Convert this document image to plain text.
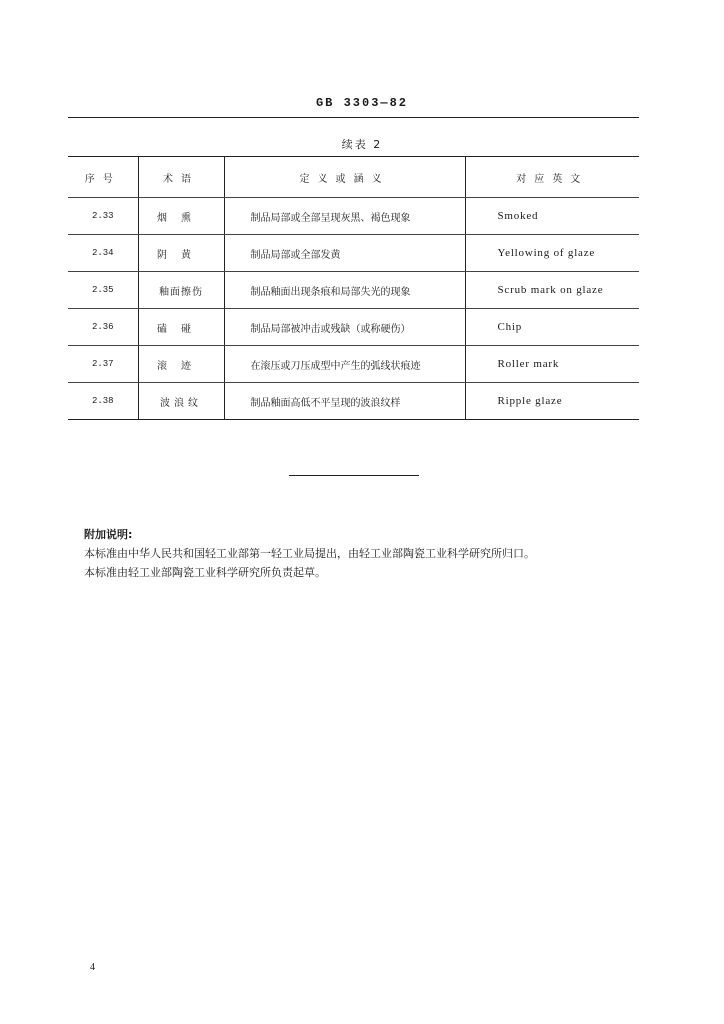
GB 3303—82
续表 2
序号	术语	定义或涵义	对应英文
2.33	烟熏	制品局部或全部呈现灰黑、褐色现象	Smoked
2.34	阴黄	制品局部或全部发黄	Yellowing of glaze
2.35	釉面擦伤	制品釉面出现条痕和局部失光的现象	Scrub mark on glaze
2.36	磕碰	制品局部被冲击或残缺（或称硬伤）	Chip
2.37	滚迹	在滚压或刀压成型中产生的弧线状痕迹	Roller mark
2.38	波浪纹	制品釉面高低不平呈现的波浪纹样	Ripple glaze
附加说明:
本标准由中华人民共和国轻工业部第一轻工业局提出，由轻工业部陶瓷工业科学研究所归口。
本标准由轻工业部陶瓷工业科学研究所负责起草。
4
